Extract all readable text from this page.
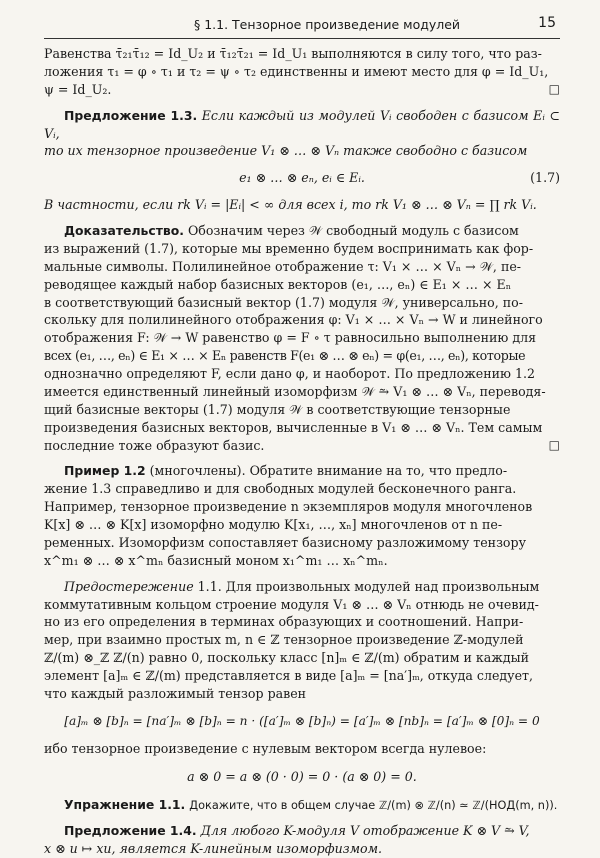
§ 1.1. Тензорное произведение модулей	15

Равенства τ̄₂₁τ̄₁₂ = Id_U₂ и τ̄₁₂τ̄₂₁ = Id_U₁ выполняются в силу того, что раз-

ложения τ₁ = φ ∘ τ₁ и τ₂ = ψ ∘ τ₂ единственны и имеют место для φ = Id_U₁,

ψ = Id_U₂.	□

Предложение 1.3. Если каждый из модулей Vᵢ свободен с базисом Eᵢ ⊂ Vᵢ,

то их тензорное произведение V₁ ⊗ … ⊗ Vₙ также свободно с базисом

e₁ ⊗ … ⊗ eₙ, eᵢ ∈ Eᵢ.	(1.7)

В частности, если rk Vᵢ = |Eᵢ| < ∞ для всех i, то rk V₁ ⊗ … ⊗ Vₙ = ∏ rk Vᵢ.

Доказательство. Обозначим через 𝒲 свободный модуль с базисом

из выражений (1.7), которые мы временно будем воспринимать как фор-

мальные символы. Полилинейное отображение τ: V₁ × … × Vₙ → 𝒲, пе-

реводящее каждый набор базисных векторов (e₁, …, eₙ) ∈ E₁ × … × Eₙ

в соответствующий базисный вектор (1.7) модуля 𝒲, универсально, по-

скольку для полилинейного отображения φ: V₁ × … × Vₙ → W и линейного

отображения F: 𝒲 → W равенство φ = F ∘ τ равносильно выполнению для

всех (e₁, …, eₙ) ∈ E₁ × … × Eₙ равенств F(e₁ ⊗ … ⊗ eₙ) = φ(e₁, …, eₙ), которые

однозначно определяют F, если дано φ, и наоборот. По предложению 1.2

имеется единственный линейный изоморфизм 𝒲 ⥲ V₁ ⊗ … ⊗ Vₙ, переводя-

щий базисные векторы (1.7) модуля 𝒲 в соответствующие тензорные

произведения базисных векторов, вычисленные в V₁ ⊗ … ⊗ Vₙ. Тем самым

последние тоже образуют базис.	□

Пример 1.2 (многочлены). Обратите внимание на то, что предло-

жение 1.3 справедливо и для свободных модулей бесконечного ранга.

Например, тензорное произведение n экземпляров модуля многочленов

K[x] ⊗ … ⊗ K[x] изоморфно модулю K[x₁, …, xₙ] многочленов от n пе-

ременных. Изоморфизм сопоставляет базисному разложимому тензору

x^m₁ ⊗ … ⊗ x^mₙ базисный моном x₁^m₁ … xₙ^mₙ.

Предостережение 1.1. Для произвольных модулей над произвольным

коммутативным кольцом строение модуля V₁ ⊗ … ⊗ Vₙ отнюдь не очевид-

но из его определения в терминах образующих и соотношений. Напри-

мер, при взаимно простых m, n ∈ ℤ тензорное произведение ℤ-модулей

ℤ/(m) ⊗_ℤ ℤ/(n) равно 0, поскольку класс [n]ₘ ∈ ℤ/(m) обратим и каждый

элемент [a]ₘ ∈ ℤ/(m) представляется в виде [a]ₘ = [na′]ₘ, откуда следует,

что каждый разложимый тензор равен

[a]ₘ ⊗ [b]ₙ = [na′]ₘ ⊗ [b]ₙ = n · ([a′]ₘ ⊗ [b]ₙ) = [a′]ₘ ⊗ [nb]ₙ = [a′]ₘ ⊗ [0]ₙ = 0

ибо тензорное произведение с нулевым вектором всегда нулевое:

a ⊗ 0 = a ⊗ (0 · 0) = 0 · (a ⊗ 0) = 0.

Упражнение 1.1. Докажите, что в общем случае ℤ/(m) ⊗ ℤ/(n) ≃ ℤ/(НОД(m, n)).

Предложение 1.4. Для любого K-модуля V отображение K ⊗ V ⥲ V,

x ⊗ u ↦ xu, является K-линейным изоморфизмом.
